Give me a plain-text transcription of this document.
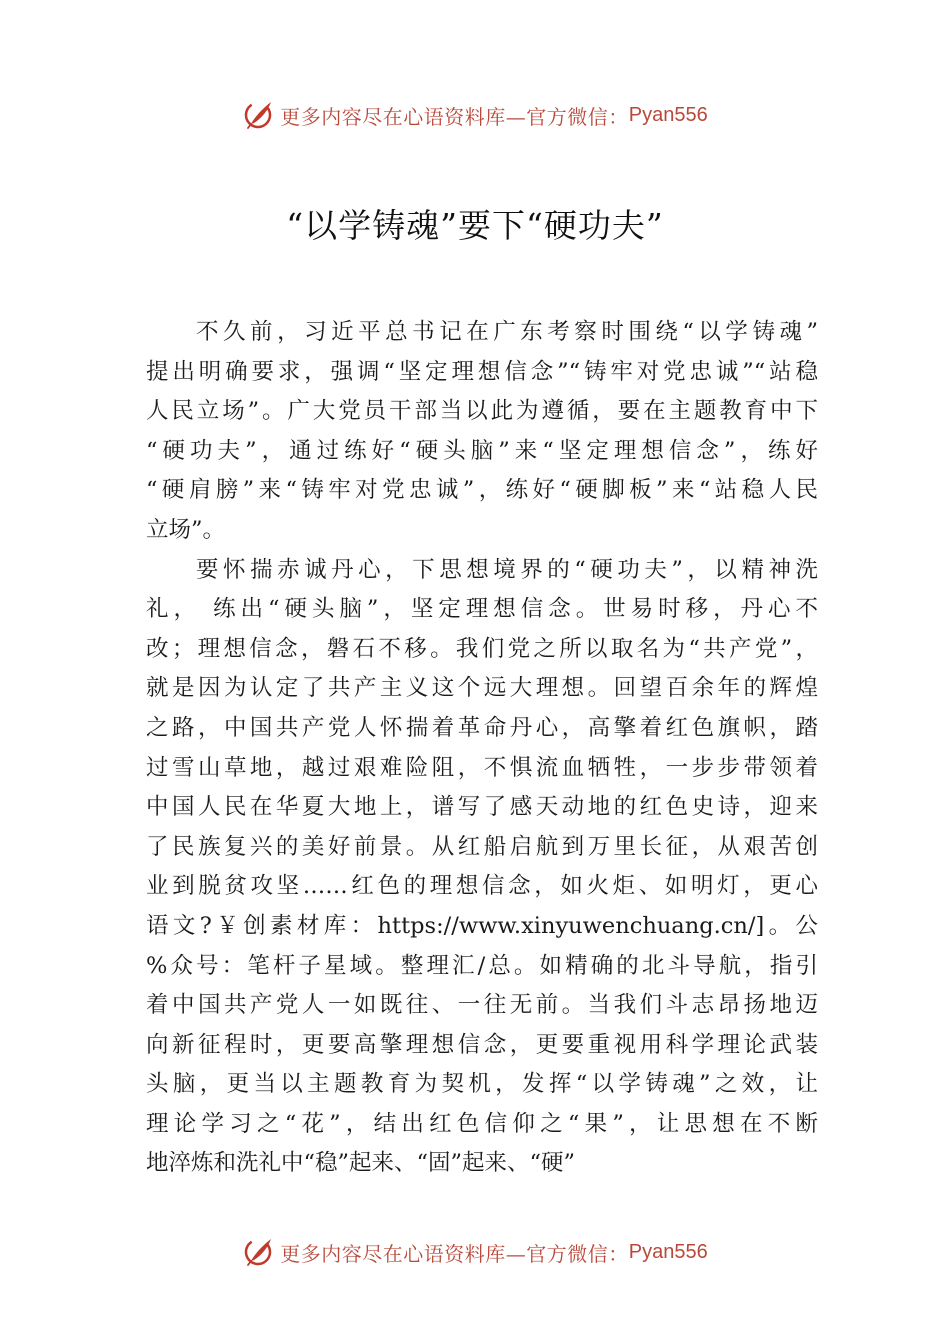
更多内容尽在心语资料库—官方微信： Pyan556
“以学铸魂”要下“硬功夫”
不久前，习近平总书记在广东考察时围绕“以学铸魂”
提出明确要求，强调“坚定理想信念”“铸牢对党忠诚”“站稳
人民立场”。广大党员干部当以此为遵循，要在主题教育中下
“硬功夫”，通过练好“硬头脑”来“坚定理想信念”，练好
“硬肩膀”来“铸牢对党忠诚”，练好“硬脚板”来“站稳人民
立场”。
要怀揣赤诚丹心，下思想境界的“硬功夫”，以精神洗
礼， 练出“硬头脑”，坚定理想信念。世易时移，丹心不
改；理想信念，磐石不移。我们党之所以取名为“共产党”，
就是因为认定了共产主义这个远大理想。回望百余年的辉煌
之路，中国共产党人怀揣着革命丹心，高擎着红色旗帜，踏
过雪山草地，越过艰难险阻，不惧流血牺牲，一步步带领着
中国人民在华夏大地上，谱写了感天动地的红色史诗，迎来
了民族复兴的美好前景。从红船启航到万里长征，从艰苦创
业到脱贫攻坚……红色的理想信念，如火炬、如明灯，更心
语文?￥创素材库：https://www.xinyuwenchuang.cn/]。公
%众号：笔杆子星域。整理汇/总。如精确的北斗导航，指引
着中国共产党人一如既往、一往无前。当我们斗志昂扬地迈
向新征程时，更要高擎理想信念，更要重视用科学理论武装
头脑，更当以主题教育为契机，发挥“以学铸魂”之效，让
理论学习之“花”，结出红色信仰之“果”，让思想在不断
地淬炼和洗礼中“稳”起来、“固”起来、“硬”
更多内容尽在心语资料库—官方微信： Pyan556
